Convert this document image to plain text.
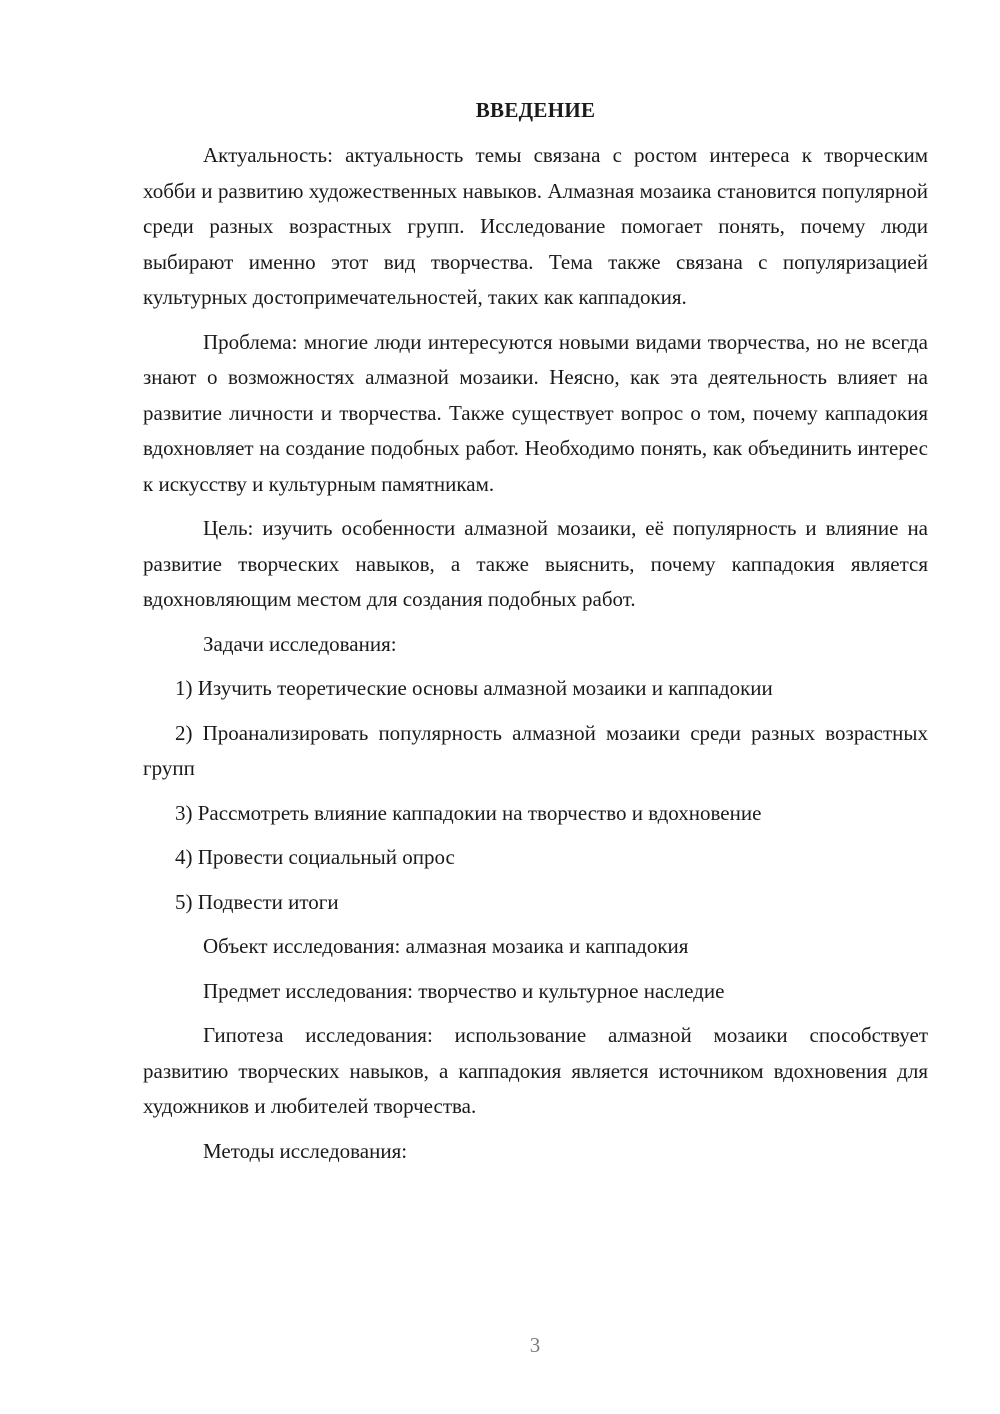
ВВЕДЕНИЕ

Актуальность: актуальность темы связана с ростом интереса к творческим хобби и развитию художественных навыков. Алмазная мозаика становится популярной среди разных возрастных групп. Исследование помогает понять, почему люди выбирают именно этот вид творчества. Тема также связана с популяризацией культурных достопримечательностей, таких как каппадокия.

Проблема: многие люди интересуются новыми видами творчества, но не всегда знают о возможностях алмазной мозаики. Неясно, как эта деятельность влияет на развитие личности и творчества. Также существует вопрос о том, почему каппадокия вдохновляет на создание подобных работ. Необходимо понять, как объединить интерес к искусству и культурным памятникам.

Цель: изучить особенности алмазной мозаики, её популярность и влияние на развитие творческих навыков, а также выяснить, почему каппадокия является вдохновляющим местом для создания подобных работ.

Задачи исследования:

1) Изучить теоретические основы алмазной мозаики и каппадокии

2) Проанализировать популярность алмазной мозаики среди разных возрастных групп

3) Рассмотреть влияние каппадокии на творчество и вдохновение

4) Провести социальный опрос

5) Подвести итоги

Объект исследования: алмазная мозаика и каппадокия

Предмет исследования: творчество и культурное наследие

Гипотеза исследования: использование алмазной мозаики способствует развитию творческих навыков, а каппадокия является источником вдохновения для художников и любителей творчества.

Методы исследования:

3
